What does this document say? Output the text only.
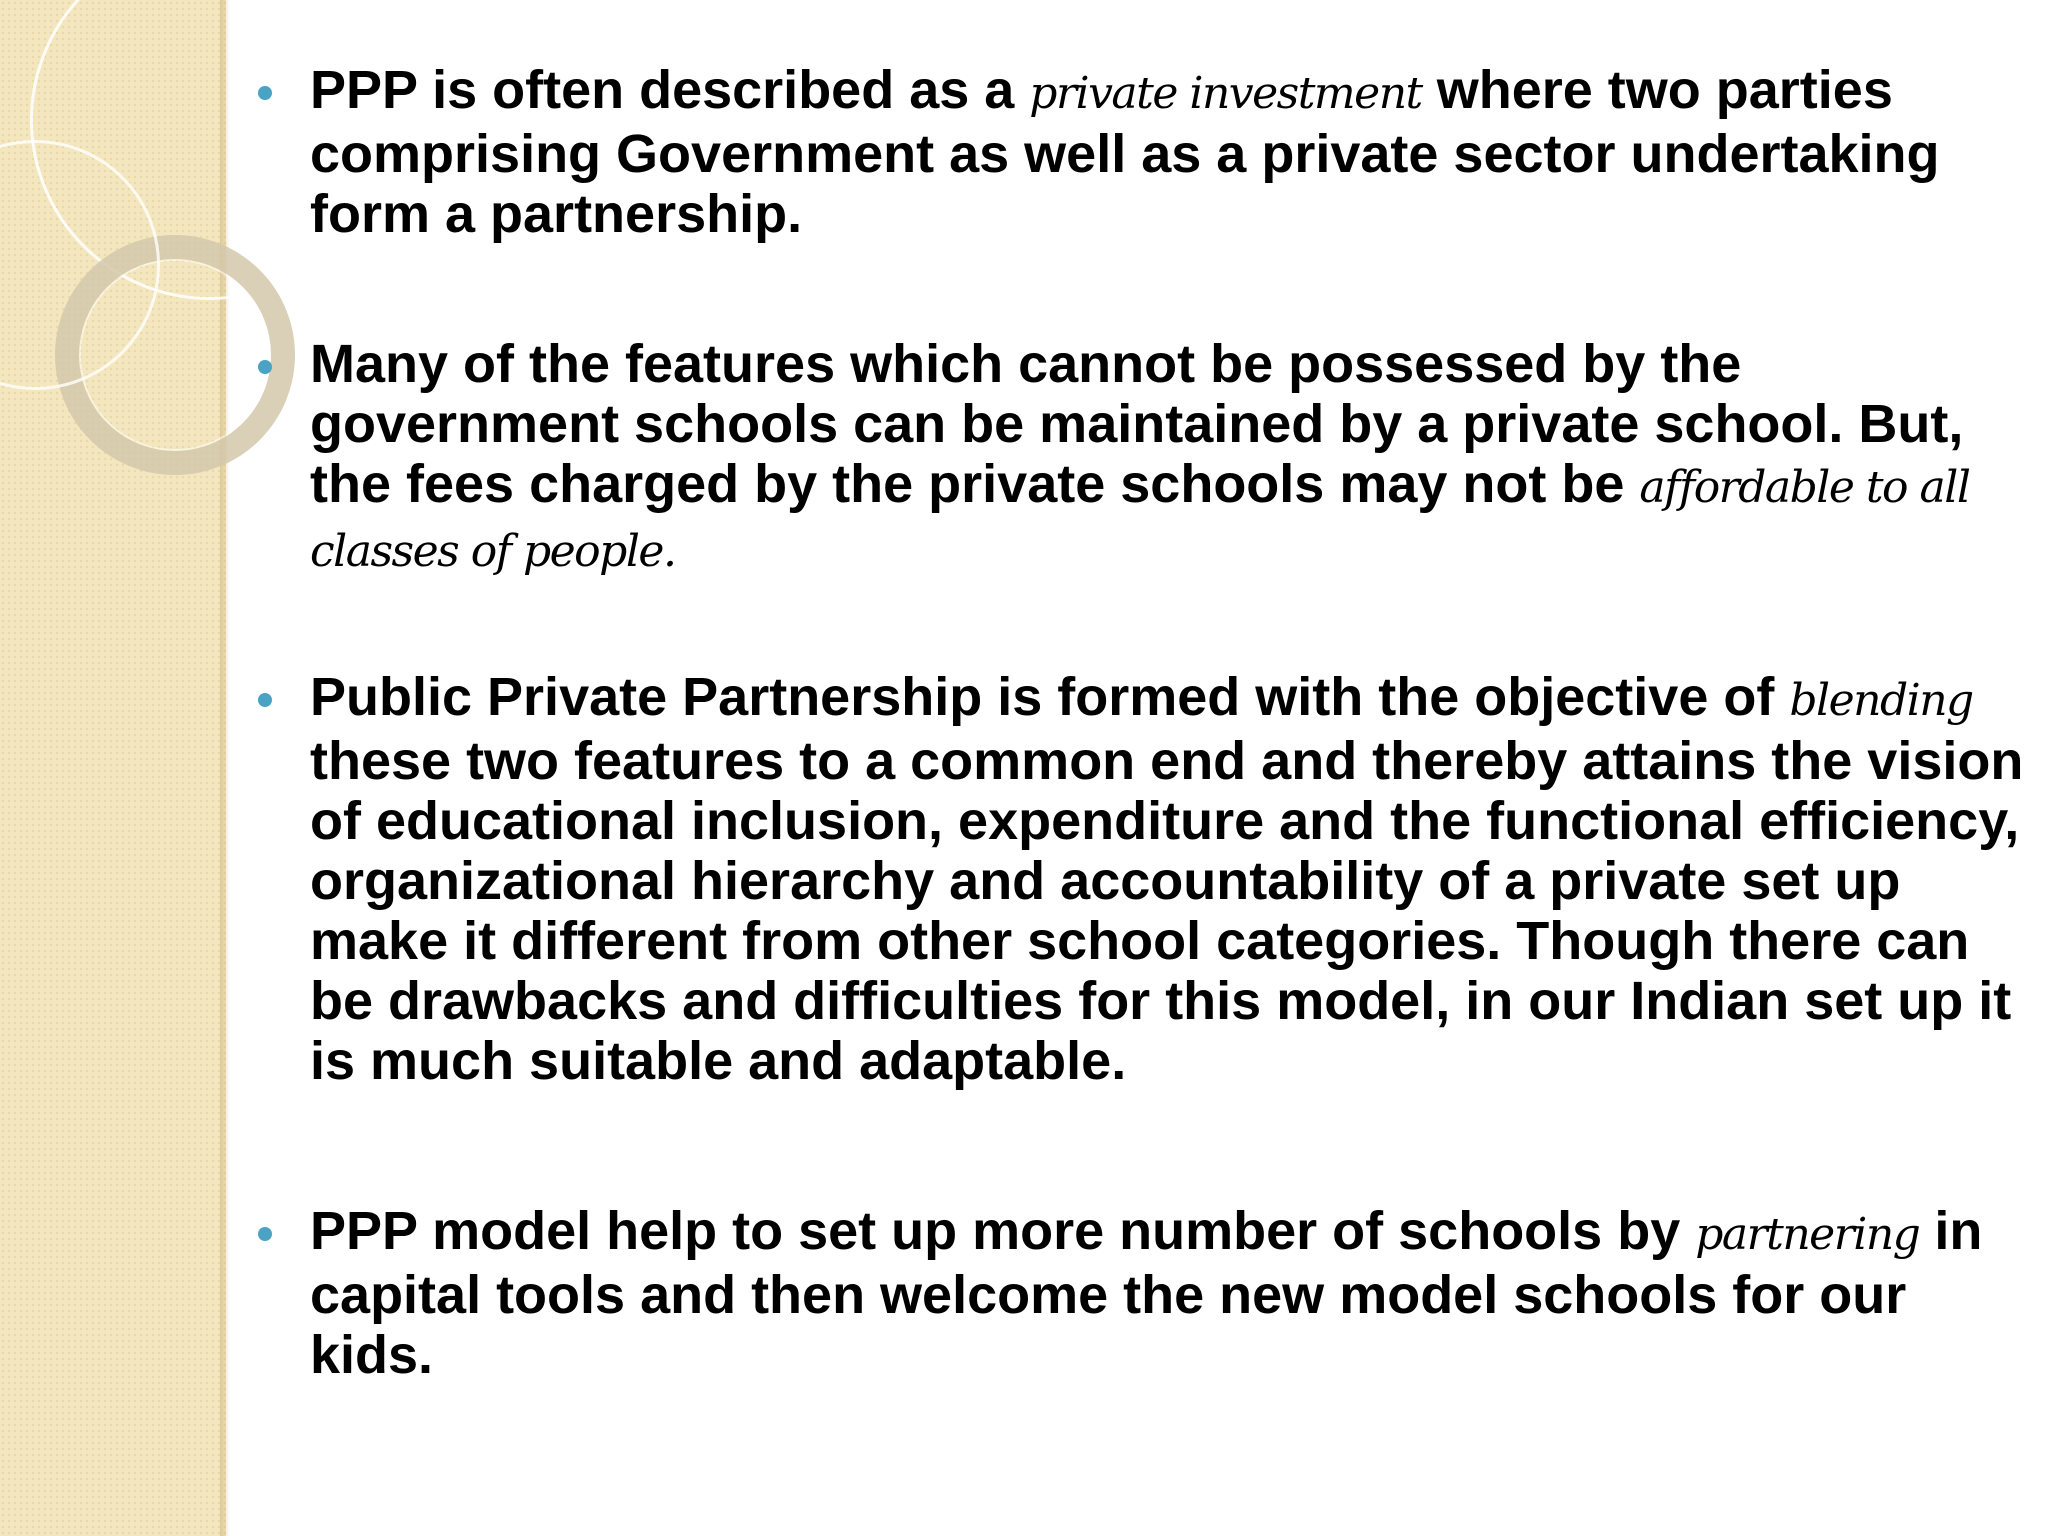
PPP is often described as a private investment where two parties comprising Government as well as a private sector undertaking form a partnership.
Many of the features which cannot be possessed by the government schools can be maintained by a private school. But, the fees charged by the private schools may not be affordable to all classes of people.
Public Private Partnership is formed with the objective of blending these two features to a common end and thereby attains the vision of educational inclusion, expenditure and the functional efficiency, organizational hierarchy and accountability of a private set up make it different from other school categories. Though there can be drawbacks and difficulties for this model, in our Indian set up it is much suitable and adaptable.
PPP model help to set up more number of schools by partnering in capital tools and then welcome the new model schools for our kids.
